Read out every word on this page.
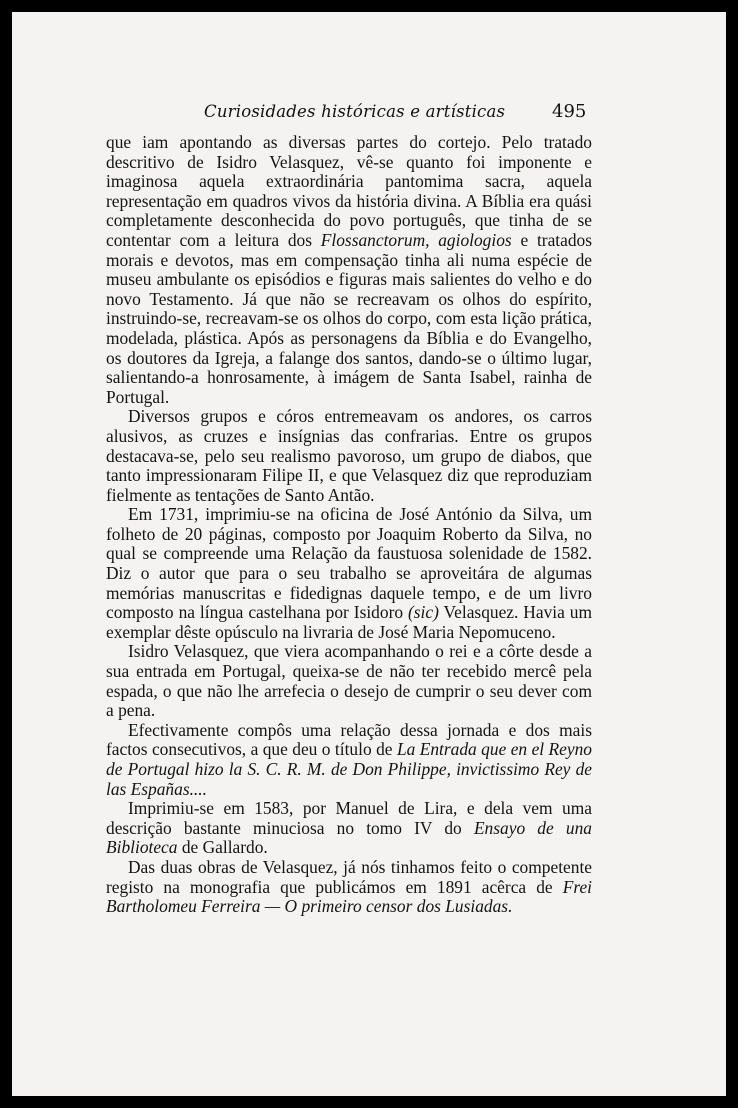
Curiosidades históricas e artísticas	495

que iam apontando as diversas partes do cortejo. Pelo tratado descritivo de Isidro Velasquez, vê-se quanto foi imponente e imaginosa aquela extraordinária pantomima sacra, aquela representação em quadros vivos da história divina. A Bíblia era quási completamente desconhecida do povo português, que tinha de se contentar com a leitura dos Flossanctorum, agiologios e tratados morais e devotos, mas em compensação tinha ali numa espécie de museu ambulante os episódios e figuras mais salientes do velho e do novo Testamento. Já que não se recreavam os olhos do espírito, instruindo-se, recreavam-se os olhos do corpo, com esta lição prática, modelada, plástica. Após as personagens da Bíblia e do Evangelho, os doutores da Igreja, a falange dos santos, dando-se o último lugar, salientando-a honrosamente, à imágem de Santa Isabel, rainha de Portugal.

Diversos grupos e córos entremeavam os andores, os carros alusivos, as cruzes e insígnias das confrarias. Entre os grupos destacava-se, pelo seu realismo pavoroso, um grupo de diabos, que tanto impressionaram Filipe II, e que Velasquez diz que reproduziam fielmente as tentações de Santo Antão.

Em 1731, imprimiu-se na oficina de José António da Silva, um folheto de 20 páginas, composto por Joaquim Roberto da Silva, no qual se compreende uma Relação da faustuosa solenidade de 1582. Diz o autor que para o seu trabalho se aproveitára de algumas memórias manuscritas e fidedignas daquele tempo, e de um livro composto na língua castelhana por Isidoro (sic) Velasquez. Havia um exemplar dêste opúsculo na livraria de José Maria Nepomuceno.

Isidro Velasquez, que viera acompanhando o rei e a côrte desde a sua entrada em Portugal, queixa-se de não ter recebido mercê pela espada, o que não lhe arrefecia o desejo de cumprir o seu dever com a pena.

Efectivamente compôs uma relação dessa jornada e dos mais factos consecutivos, a que deu o título de La Entrada que en el Reyno de Portugal hizo la S. C. R. M. de Don Philippe, invictissimo Rey de las Españas....

Imprimiu-se em 1583, por Manuel de Lira, e dela vem uma descrição bastante minuciosa no tomo IV do Ensayo de una Biblioteca de Gallardo.

Das duas obras de Velasquez, já nós tinhamos feito o competente registo na monografia que publicámos em 1891 acêrca de Frei Bartholomeu Ferreira — O primeiro censor dos Lusiadas.
